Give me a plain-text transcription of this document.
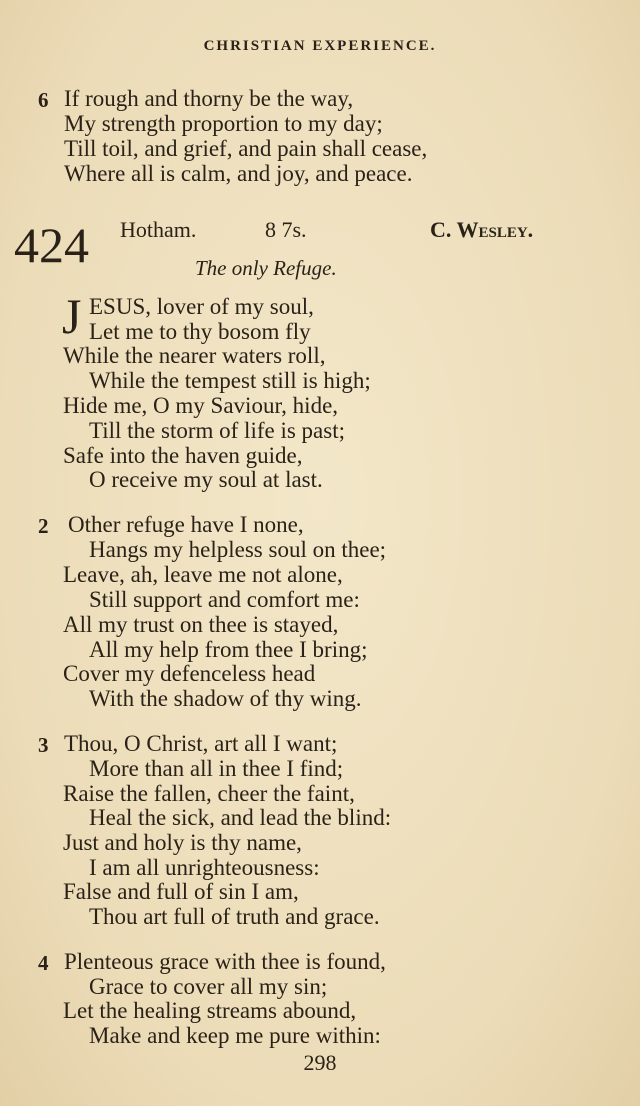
CHRISTIAN EXPERIENCE.
6 If rough and thorny be the way,
My strength proportion to my day;
Till toil, and grief, and pain shall cease,
Where all is calm, and joy, and peace.
424 Hotham.	8 7s.	C. Wesley.
The only Refuge.
J ESUS, lover of my soul,
Let me to thy bosom fly
While the nearer waters roll,
While the tempest still is high;
Hide me, O my Saviour, hide,
Till the storm of life is past;
Safe into the haven guide,
O receive my soul at last.
2 Other refuge have I none,
Hangs my helpless soul on thee;
Leave, ah, leave me not alone,
Still support and comfort me:
All my trust on thee is stayed,
All my help from thee I bring;
Cover my defenceless head
With the shadow of thy wing.
3 Thou, O Christ, art all I want;
More than all in thee I find;
Raise the fallen, cheer the faint,
Heal the sick, and lead the blind:
Just and holy is thy name,
I am all unrighteousness:
False and full of sin I am,
Thou art full of truth and grace.
4 Plenteous grace with thee is found,
Grace to cover all my sin;
Let the healing streams abound,
Make and keep me pure within:
298
